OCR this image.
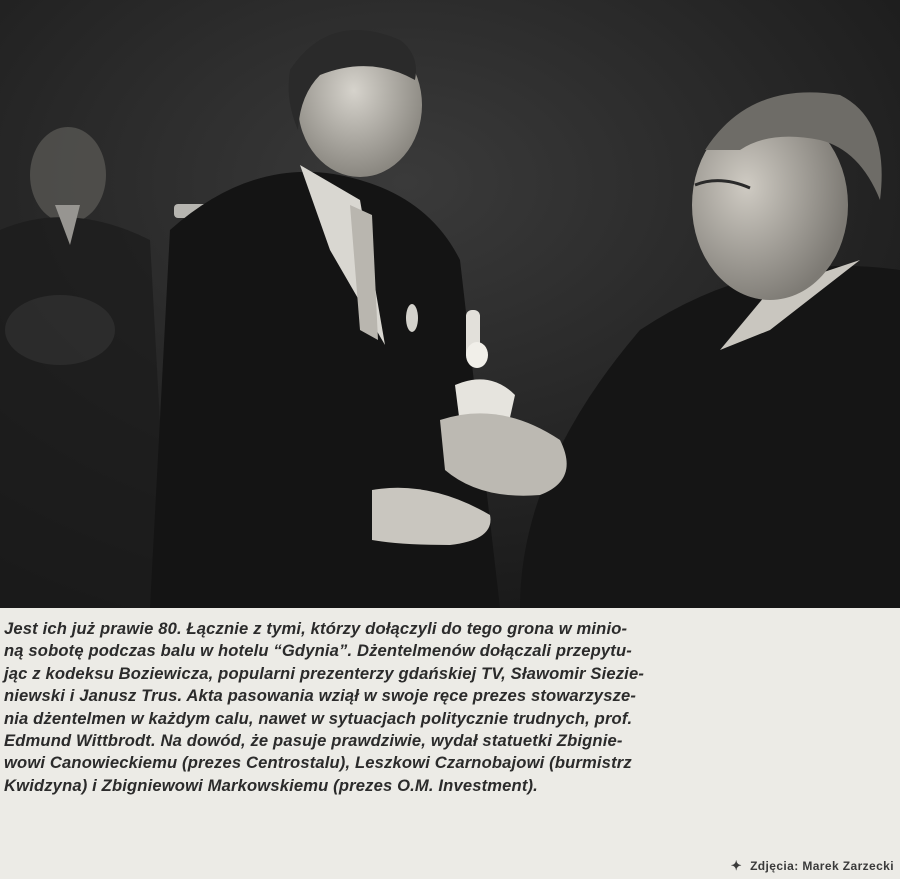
Jest ich już prawie 80. Łącznie z tymi, którzy dołączyli do tego grona w minio-
ną sobotę podczas balu w hotelu “Gdynia”. Dżentelmenów dołączali przepytu-
jąc z kodeksu Boziewicza, popularni prezenterzy gdańskiej TV, Sławomir Siezie-
niewski i Janusz Trus. Akta pasowania wziął w swoje ręce prezes stowarzysze-
nia dżentelmen w każdym calu, nawet w sytuacjach politycznie trudnych, prof.
Edmund Wittbrodt. Na dowód, że pasuje prawdziwie, wydał statuetki Zbignie-
wowi Canowieckiemu (prezes Centrostalu), Leszkowi Czarnobajowi (burmistrz
Kwidzyna) i Zbigniewowi Markowskiemu (prezes O.M. Investment).
✦ Zdjęcia: Marek Zarzecki
